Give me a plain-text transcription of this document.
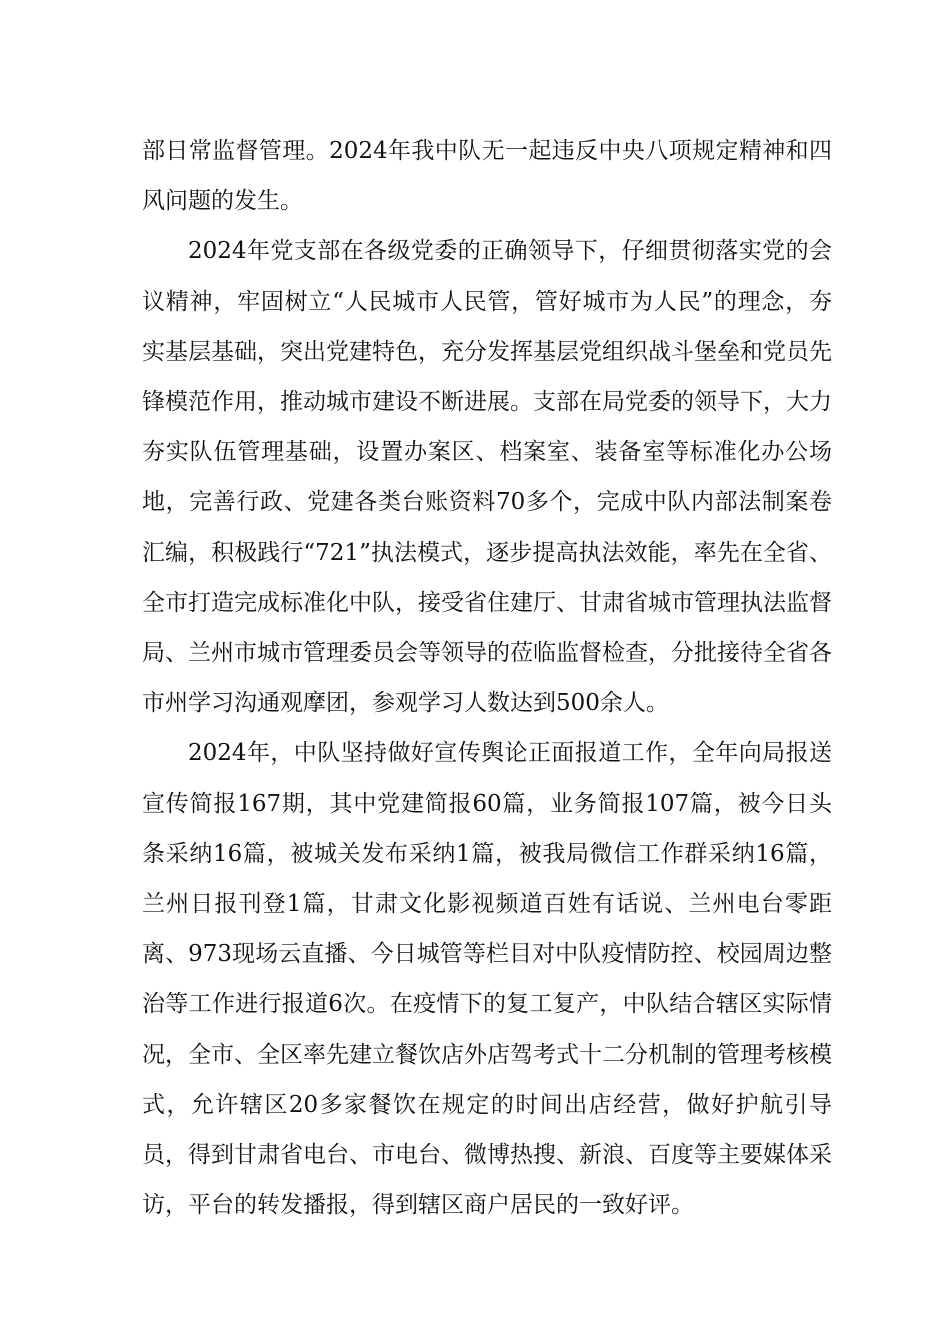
部日常监督管理。2024年我中队无一起违反中央八项规定精神和四风问题的发生。

2024年党支部在各级党委的正确领导下，仔细贯彻落实党的会议精神，牢固树立“人民城市人民管，管好城市为人民”的理念，夯实基层基础，突出党建特色，充分发挥基层党组织战斗堡垒和党员先锋模范作用，推动城市建设不断进展。支部在局党委的领导下，大力夯实队伍管理基础，设置办案区、档案室、装备室等标准化办公场地，完善行政、党建各类台账资料70多个，完成中队内部法制案卷汇编，积极践行“721”执法模式，逐步提高执法效能，率先在全省、全市打造完成标准化中队，接受省住建厅、甘肃省城市管理执法监督局、兰州市城市管理委员会等领导的莅临监督检查，分批接待全省各市州学习沟通观摩团，参观学习人数达到500余人。

2024年，中队坚持做好宣传舆论正面报道工作，全年向局报送宣传简报167期，其中党建简报60篇，业务简报107篇，被今日头条采纳16篇，被城关发布采纳1篇，被我局微信工作群采纳16篇，兰州日报刊登1篇，甘肃文化影视频道百姓有话说、兰州电台零距离、973现场云直播、今日城管等栏目对中队疫情防控、校园周边整治等工作进行报道6次。在疫情下的复工复产，中队结合辖区实际情况，全市、全区率先建立餐饮店外店驾考式十二分机制的管理考核模式，允许辖区20多家餐饮在规定的时间出店经营，做好护航引导员，得到甘肃省电台、市电台、微博热搜、新浪、百度等主要媒体采访，平台的转发播报，得到辖区商户居民的一致好评。
